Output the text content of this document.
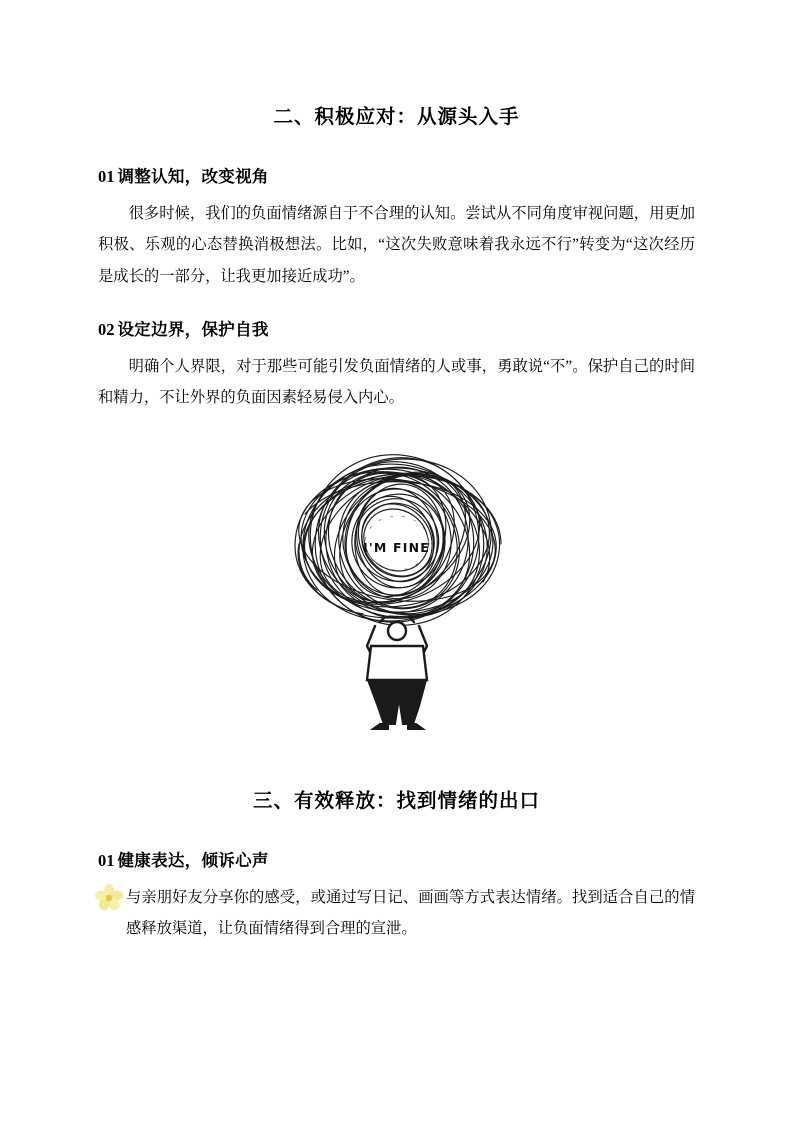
二、积极应对：从源头入手
01 调整认知，改变视角

很多时候，我们的负面情绪源自于不合理的认知。尝试从不同角度审视问题，用更加积极、乐观的心态替换消极想法。比如，“这次失败意味着我永远不行”转变为“这次经历是成长的一部分，让我更加接近成功”。

02 设定边界，保护自我

明确个人界限，对于那些可能引发负面情绪的人或事，勇敢说“不”。保护自己的时间和精力，不让外界的负面因素轻易侵入内心。

I'M FINE
三、有效释放：找到情绪的出口
01 健康表达，倾诉心声

与亲朋好友分享你的感受，或通过写日记、画画等方式表达情绪。找到适合自己的情感释放渠道，让负面情绪得到合理的宣泄。
